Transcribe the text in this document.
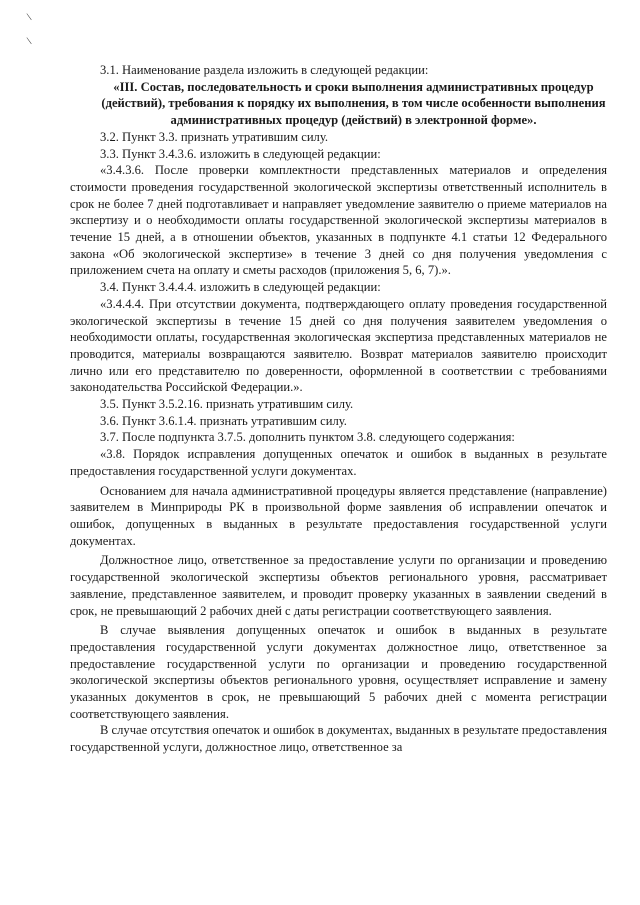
/
/

3.1. Наименование раздела изложить в следующей редакции:

«III. Состав, последовательность и сроки выполнения административных процедур (действий), требования к порядку их выполнения, в том числе особенности выполнения административных процедур (действий) в электронной форме».

3.2. Пункт 3.3. признать утратившим силу.

3.3. Пункт 3.4.3.6. изложить в следующей редакции:

«3.4.3.6. После проверки комплектности представленных материалов и определения стоимости проведения государственной экологической экспертизы ответственный исполнитель в срок не более 7 дней подготавливает и направляет уведомление заявителю о приеме материалов на экспертизу и о необходимости оплаты государственной экологической экспертизы материалов в течение 15 дней, а в отношении объектов, указанных в подпункте 4.1 статьи 12 Федерального закона «Об экологической экспертизе» в течение 3 дней со дня получения уведомления с приложением счета на оплату и сметы расходов (приложения 5, 6, 7).».

3.4. Пункт 3.4.4.4. изложить в следующей редакции:

«3.4.4.4. При отсутствии документа, подтверждающего оплату проведения государственной экологической экспертизы в течение 15 дней со дня получения заявителем уведомления о необходимости оплаты, государственная экологическая экспертиза представленных материалов не проводится, материалы возвращаются заявителю. Возврат материалов заявителю происходит лично или его представителю по доверенности, оформленной в соответствии с требованиями законодательства Российской Федерации.».

3.5. Пункт 3.5.2.16. признать утратившим силу.

3.6. Пункт 3.6.1.4. признать утратившим силу.

3.7. После подпункта 3.7.5. дополнить пунктом 3.8. следующего содержания:

«3.8. Порядок исправления допущенных опечаток и ошибок в выданных в результате предоставления государственной услуги документах.

Основанием для начала административной процедуры является представление (направление) заявителем в Минприроды РК в произвольной форме заявления об исправлении опечаток и ошибок, допущенных в выданных в результате предоставления государственной услуги документах.

Должностное лицо, ответственное за предоставление услуги по организации и проведению государственной экологической экспертизы объектов регионального уровня, рассматривает заявление, представленное заявителем, и проводит проверку указанных в заявлении сведений в срок, не превышающий 2 рабочих дней с даты регистрации соответствующего заявления.

В случае выявления допущенных опечаток и ошибок в выданных в результате предоставления государственной услуги документах должностное лицо, ответственное за предоставление государственной услуги по организации и проведению государственной экологической экспертизы объектов регионального уровня, осуществляет исправление и замену указанных документов в срок, не превышающий 5 рабочих дней с момента регистрации соответствующего заявления.

В случае отсутствия опечаток и ошибок в документах, выданных в результате предоставления государственной услуги, должностное лицо, ответственное за
